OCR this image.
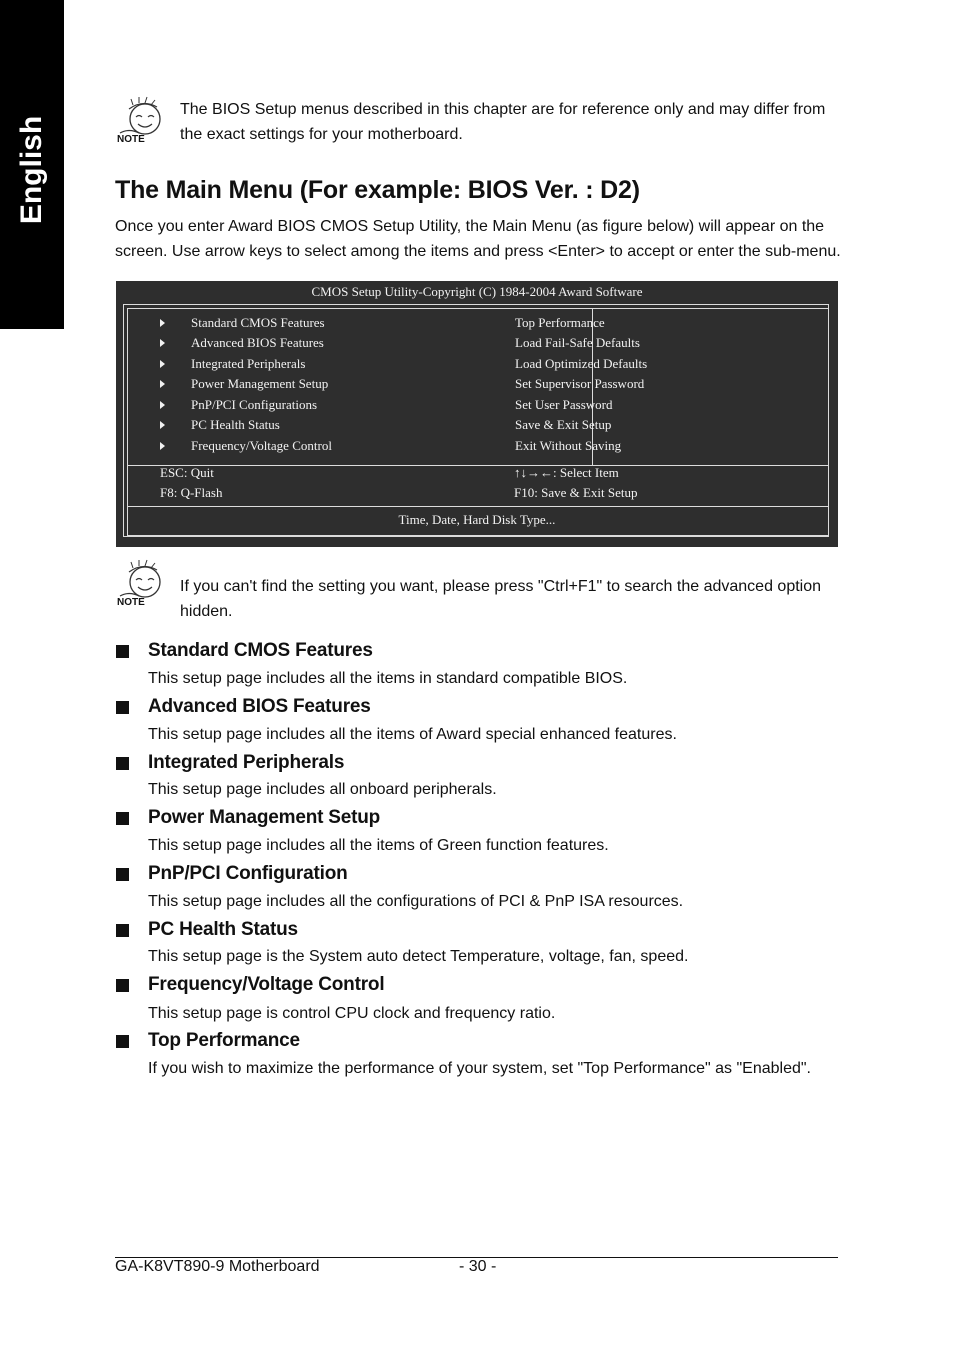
English	NOTE
The BIOS Setup menus described in this chapter are for reference only and may differ from the exact settings for your motherboard.
The Main Menu (For example: BIOS Ver. : D2)
Once you enter Award BIOS CMOS Setup Utility, the Main Menu (as figure below) will appear on the screen. Use arrow keys to select among the items and press <Enter> to accept or enter the sub-menu.
CMOS Setup Utility-Copyright (C) 1984-2004 Award Software
Standard CMOS Features
Advanced BIOS Features
Integrated Peripherals
Power Management Setup
PnP/PCI Configurations
PC Health Status
Frequency/Voltage Control
Top Performance
Load Fail-Safe Defaults
Load Optimized Defaults
Set Supervisor Password
Set User Password
Save & Exit Setup
Exit Without Saving
ESC: Quit
F8: Q-Flash
↑↓→←: Select Item
F10: Save & Exit Setup
Time, Date, Hard Disk Type...
NOTE
If you can't find the setting you want, please press "Ctrl+F1" to search the advanced option hidden.
Standard CMOS Features
This setup page includes all the items in standard compatible BIOS.
Advanced BIOS Features
This setup page includes all the items of Award special enhanced features.
Integrated Peripherals
This setup page includes all onboard peripherals.
Power Management Setup
This setup page includes all the items of Green function features.
PnP/PCI Configuration
This setup page includes all the configurations of PCI & PnP ISA resources.
PC Health Status
This setup page is the System auto detect Temperature, voltage, fan, speed.
Frequency/Voltage Control
This setup page is control CPU clock and frequency ratio.
Top Performance
If you wish to maximize the performance of your system, set "Top Performance" as "Enabled".
GA-K8VT890-9 Motherboard	- 30 -
